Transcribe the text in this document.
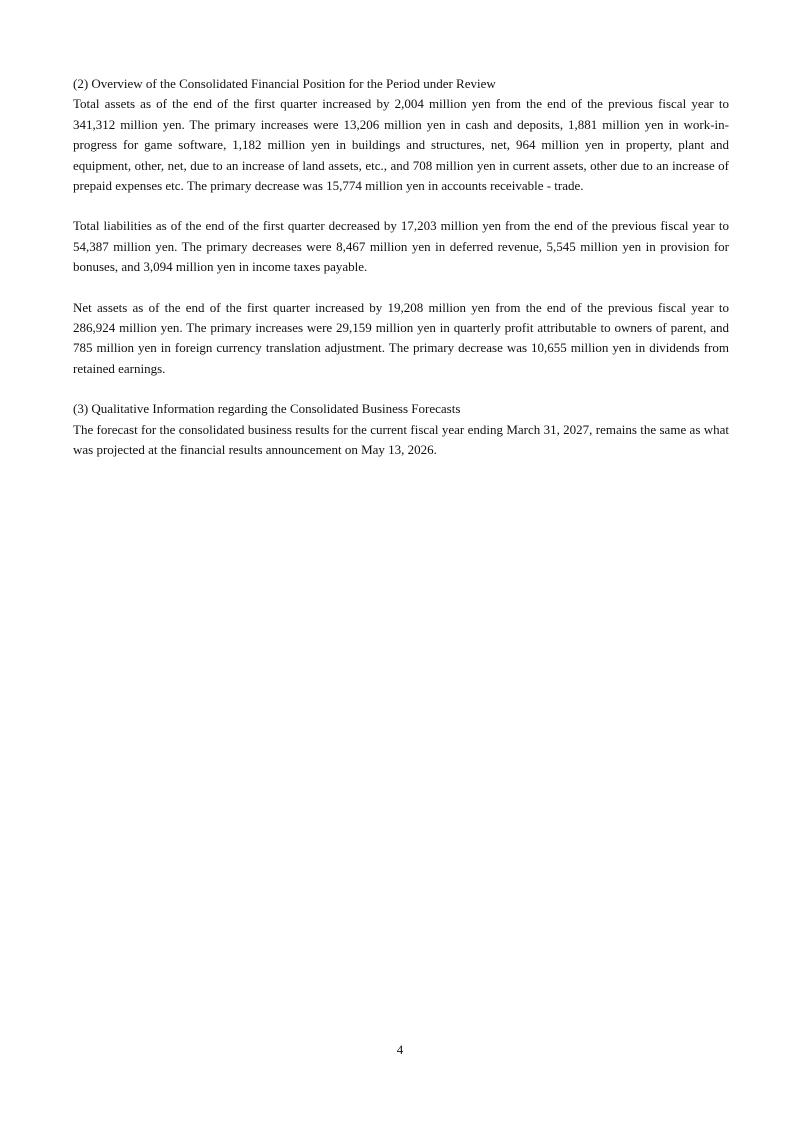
(2) Overview of the Consolidated Financial Position for the Period under Review

Total assets as of the end of the first quarter increased by 2,004 million yen from the end of the previous fiscal year to 341,312 million yen. The primary increases were 13,206 million yen in cash and deposits, 1,881 million yen in work-in-progress for game software, 1,182 million yen in buildings and structures, net, 964 million yen in property, plant and equipment, other, net, due to an increase of land assets, etc., and 708 million yen in current assets, other due to an increase of prepaid expenses etc. The primary decrease was 15,774 million yen in accounts receivable - trade.

Total liabilities as of the end of the first quarter decreased by 17,203 million yen from the end of the previous fiscal year to 54,387 million yen. The primary decreases were 8,467 million yen in deferred revenue, 5,545 million yen in provision for bonuses, and 3,094 million yen in income taxes payable.

Net assets as of the end of the first quarter increased by 19,208 million yen from the end of the previous fiscal year to 286,924 million yen. The primary increases were 29,159 million yen in quarterly profit attributable to owners of parent, and 785 million yen in foreign currency translation adjustment. The primary decrease was 10,655 million yen in dividends from retained earnings.

(3) Qualitative Information regarding the Consolidated Business Forecasts

The forecast for the consolidated business results for the current fiscal year ending March 31, 2027, remains the same as what was projected at the financial results announcement on May 13, 2026.

4
